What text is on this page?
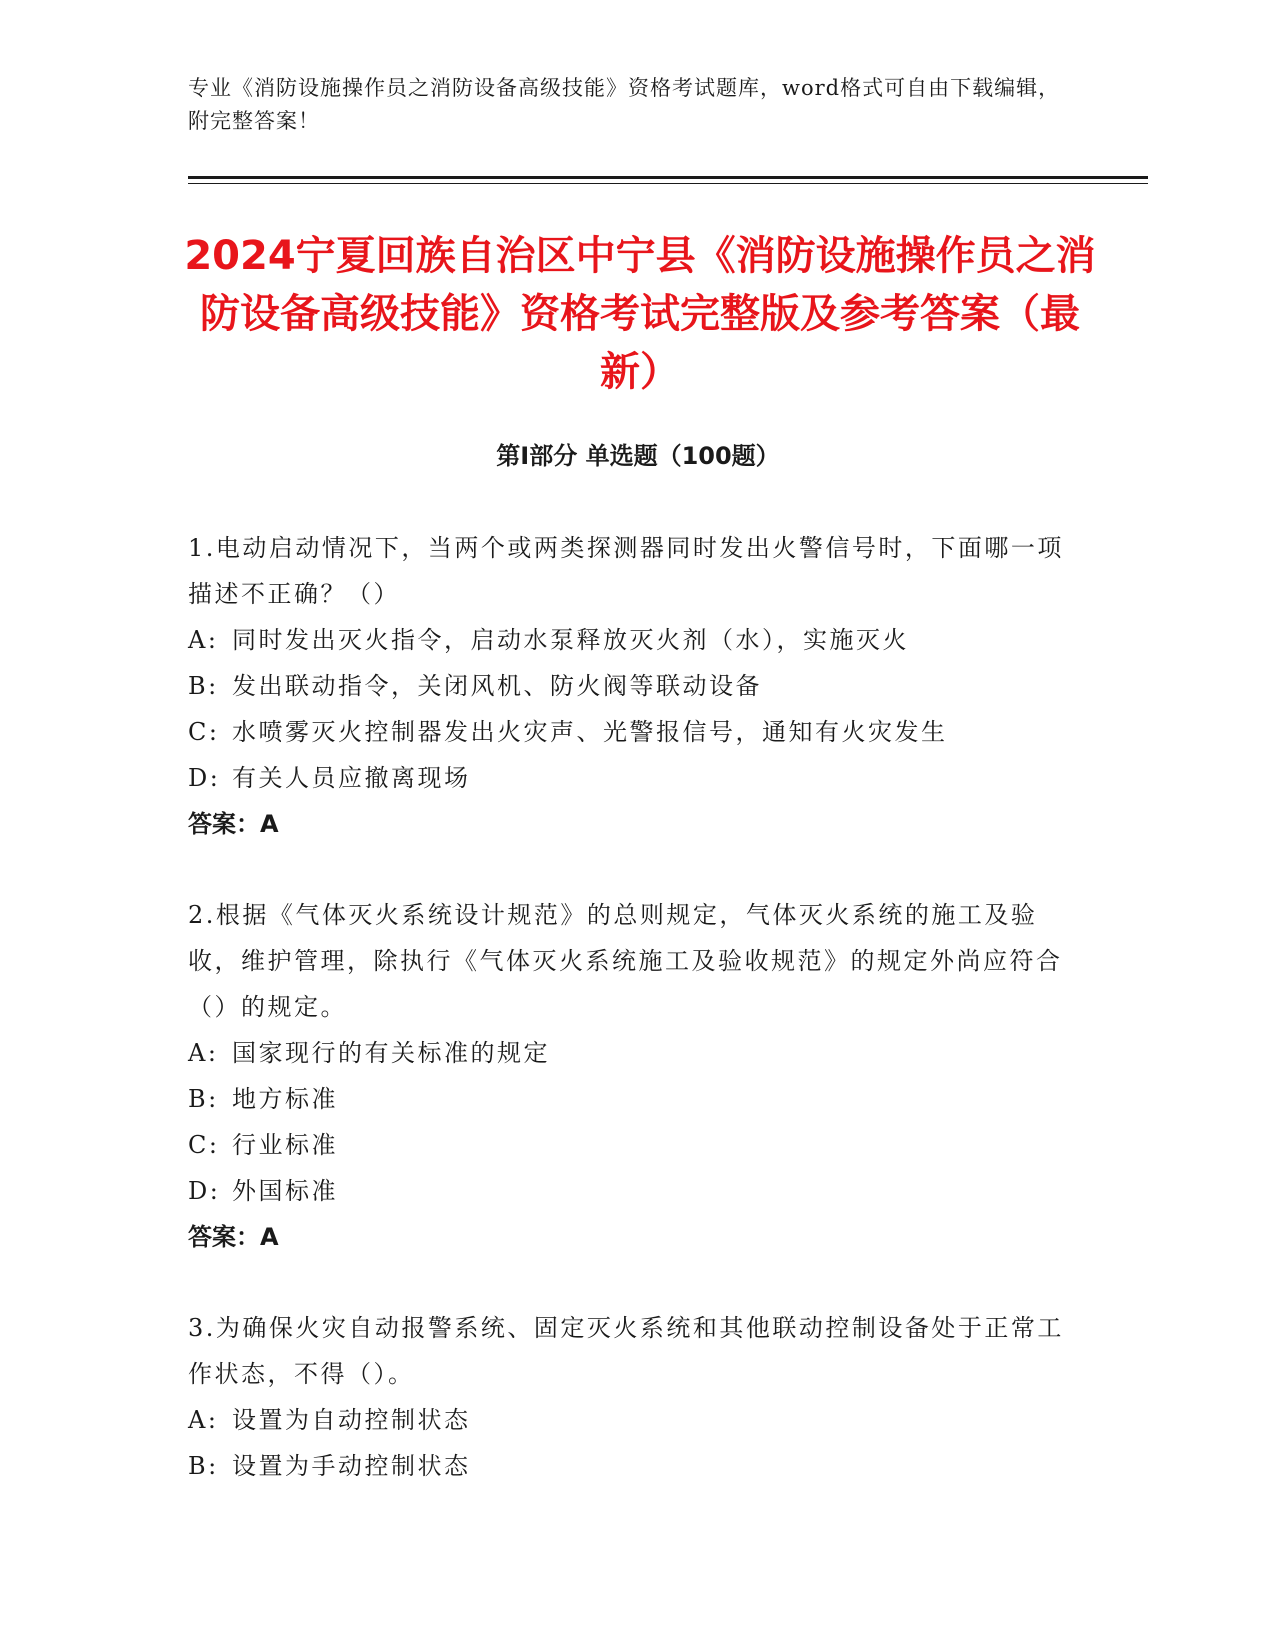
专业《消防设施操作员之消防设备高级技能》资格考试题库，word格式可自由下载编辑，附完整答案！
2024宁夏回族自治区中宁县《消防设施操作员之消防设备高级技能》资格考试完整版及参考答案（最新）
第I部分 单选题（100题）
1.电动启动情况下，当两个或两类探测器同时发出火警信号时，下面哪一项描述不正确？（）
A: 同时发出灭火指令，启动水泵释放灭火剂（水），实施灭火
B: 发出联动指令，关闭风机、防火阀等联动设备
C: 水喷雾灭火控制器发出火灾声、光警报信号，通知有火灾发生
D: 有关人员应撤离现场
答案：A
2.根据《气体灭火系统设计规范》的总则规定，气体灭火系统的施工及验收，维护管理，除执行《气体灭火系统施工及验收规范》的规定外尚应符合（）的规定。
A: 国家现行的有关标准的规定
B: 地方标准
C: 行业标准
D: 外国标准
答案：A
3.为确保火灾自动报警系统、固定灭火系统和其他联动控制设备处于正常工作状态，不得（）。
A: 设置为自动控制状态
B: 设置为手动控制状态
